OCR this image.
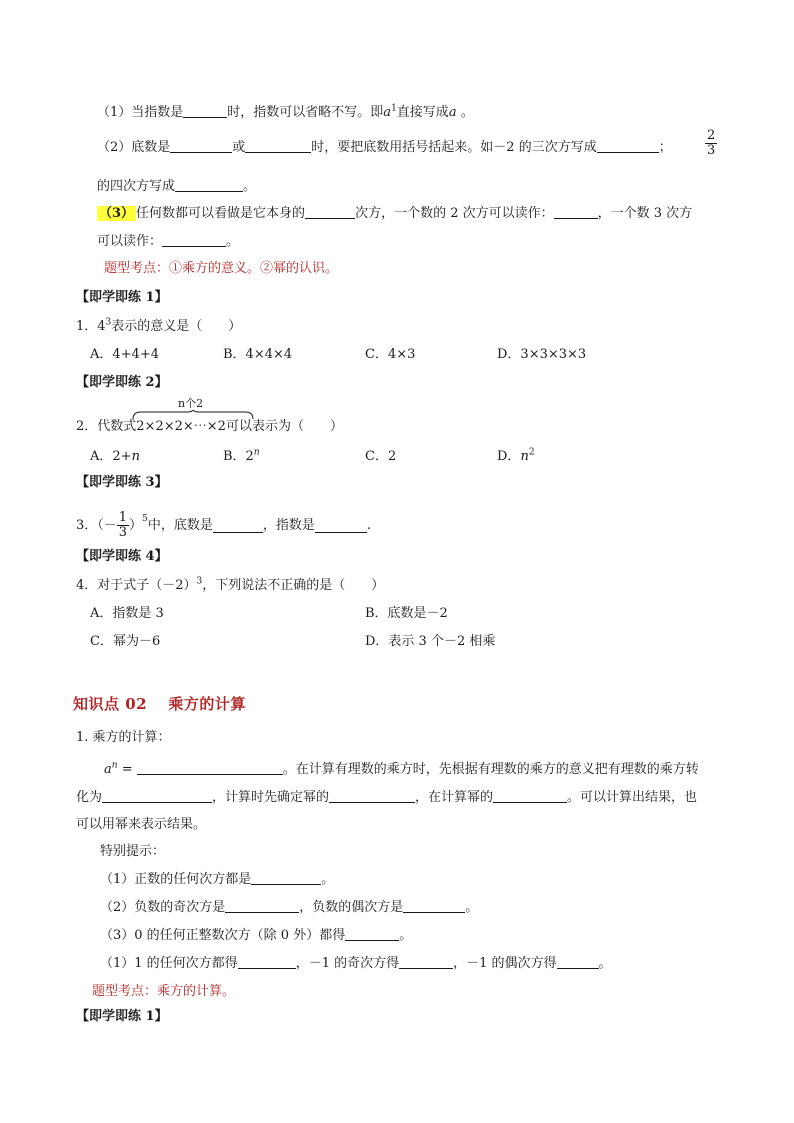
（1）当指数是	时，指数可以省略不写。即$a^1$直接写成a 。
（2）底数是	或	时，要把底数用括号括起来。如－2 的三次方写成	；	$\frac{2}{3}$
的四次方写成	。
（3） 任何数都可以看做是它本身的	次方，一个数的 2 次方可以读作：	，一个数 3 次方
可以读作：	。
题型考点：①乘方的意义。②幂的认识。
【即学即练 1】
1．$4^3$表示的意义是（　　）
A．4+4+4	B．4×4×4	C．4×3	D．3×3×3×3
【即学即练 2】
n个2
2．代数式2×2×2×⋯×2可以表示为（　　）
A．2+n	B．2$^n$	C．2	D．$n^2$
【即学即练 3】
3．（－ $\frac{1}{3} )^5$ 中，底数是	，指数是	.
【即学即练 4】
4．对于式子$(-2)^3$，下列说法不正确的是（　　）
A．指数是 3	B．底数是－2
C．幂为－6	D．表示 3 个－2 相乘
知识点 02　 乘方的计算
1. 乘方的计算：
$a^n$ =	。在计算有理数的乘方时，先根据有理数的乘方的意义把有理数的乘方转
化为	，计算时先确定幂的	，在计算幂的	。可以计算出结果，也
可以用幂来表示结果。
特别提示：
（1）正数的任何次方都是	。
（2）负数的奇次方是	，负数的偶次方是	。
（3）0 的任何正整数次方（除 0 外）都得	。
（1）1 的任何次方都得	，－1 的奇次方得	，－1 的偶次方得	。
题型考点：乘方的计算。
【即学即练 1】
